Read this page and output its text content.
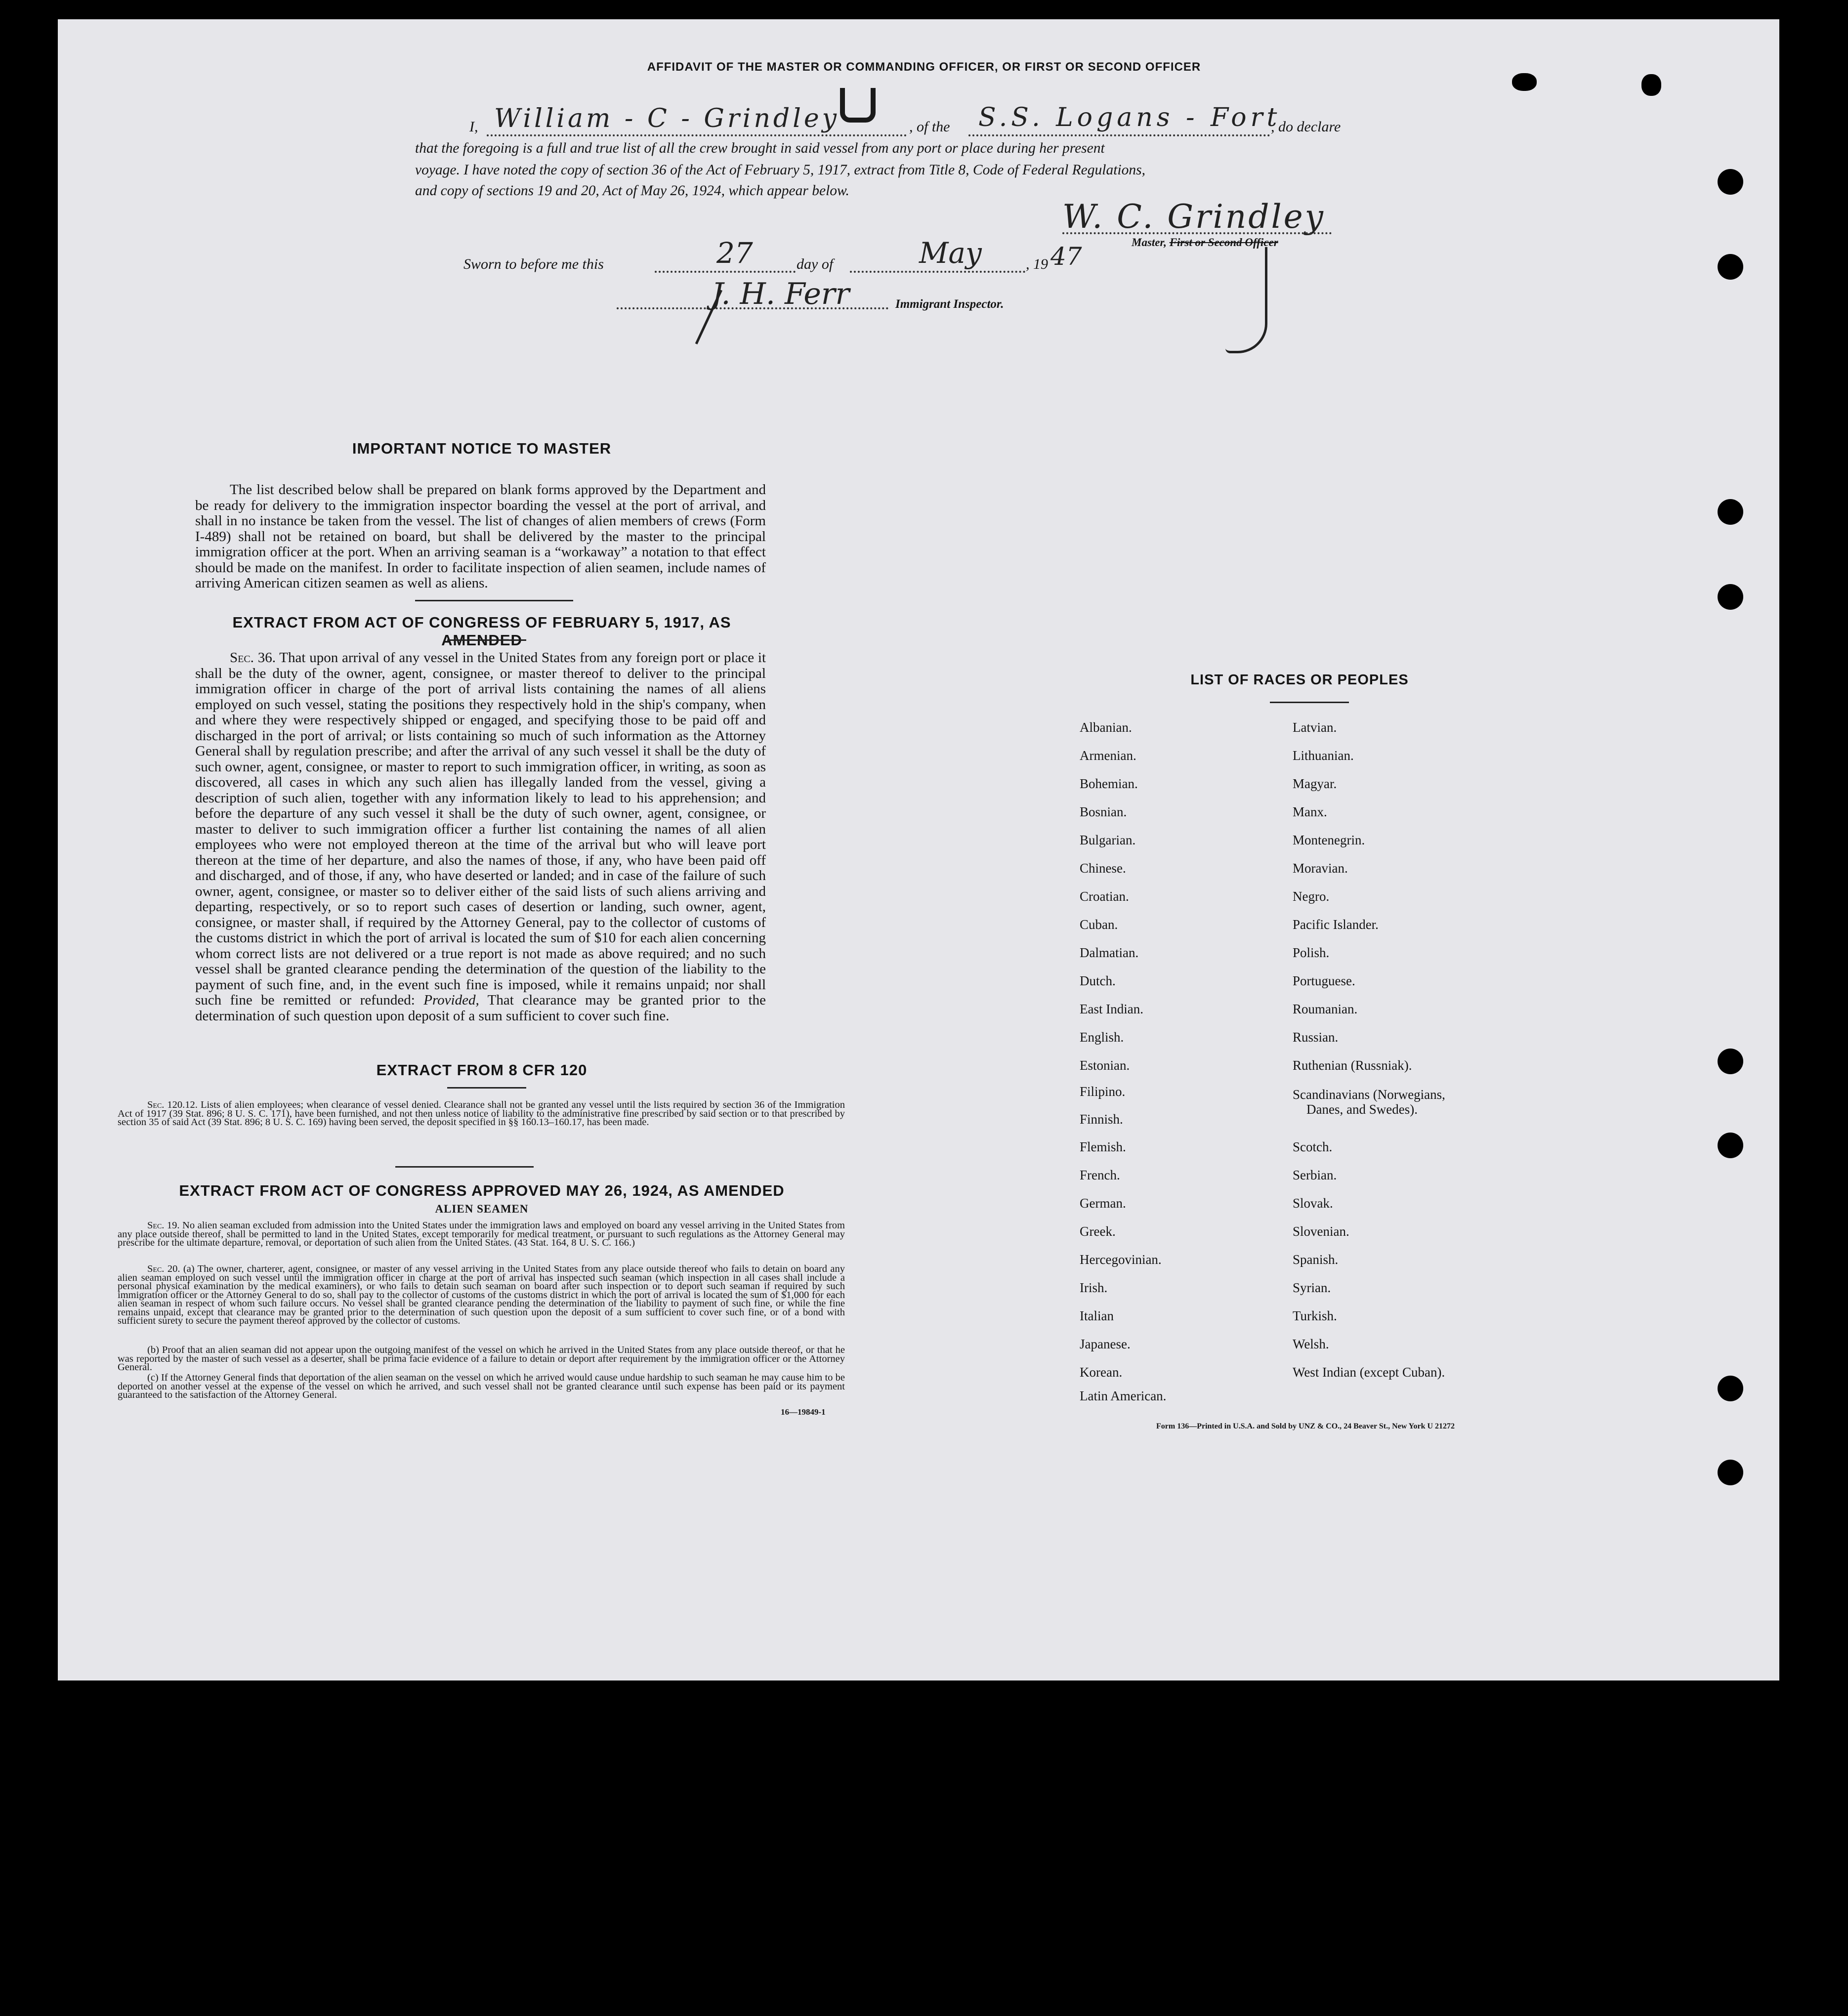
AFFIDAVIT OF THE MASTER OR COMMANDING OFFICER, OR FIRST OR SECOND OFFICER
I, William - C - Grindley	, of the S.S. Logans - Fort
, do declare
that the foregoing is a full and true list of all the crew brought in said vessel from any port or place during her present
voyage. I have noted the copy of section 36 of the Act of February 5, 1917, extract from Title 8, Code of Federal Regulations,
and copy of sections 19 and 20, Act of May 26, 1924, which appear below.
W. C. Grindley
Master, First or Second Officer
Sworn to before me this	27	day of	May	, 19 47
J. H. Ferr	Immigrant Inspector.
IMPORTANT NOTICE TO MASTER
The list described below shall be prepared on blank forms approved by the Department and be ready for delivery to the immigration inspector boarding the vessel at the port of arrival, and shall in no instance be taken from the vessel. The list of changes of alien members of crews (Form I-489) shall not be retained on board, but shall be delivered by the master to the principal immigration officer at the port. When an arriving seaman is a “workaway” a notation to that effect should be made on the manifest. In order to facilitate inspection of alien seamen, include names of arriving American citizen seamen as well as aliens.
EXTRACT FROM ACT OF CONGRESS OF FEBRUARY 5, 1917, AS AMENDED
Sec. 36. That upon arrival of any vessel in the United States from any foreign port or place it shall be the duty of the owner, agent, consignee, or master thereof to deliver to the principal immigration officer in charge of the port of arrival lists containing the names of all aliens employed on such vessel, stating the positions they respectively hold in the ship's company, when and where they were respectively shipped or engaged, and specifying those to be paid off and discharged in the port of arrival; or lists containing so much of such information as the Attorney General shall by regulation prescribe; and after the arrival of any such vessel it shall be the duty of such owner, agent, consignee, or master to report to such immigration officer, in writing, as soon as discovered, all cases in which any such alien has illegally landed from the vessel, giving a description of such alien, together with any information likely to lead to his apprehension; and before the departure of any such vessel it shall be the duty of such owner, agent, consignee, or master to deliver to such immigration officer a further list containing the names of all alien employees who were not employed thereon at the time of the arrival but who will leave port thereon at the time of her departure, and also the names of those, if any, who have been paid off and discharged, and of those, if any, who have deserted or landed; and in case of the failure of such owner, agent, consignee, or master so to deliver either of the said lists of such aliens arriving and departing, respectively, or so to report such cases of desertion or landing, such owner, agent, consignee, or master shall, if required by the Attorney General, pay to the collector of customs of the customs district in which the port of arrival is located the sum of $10 for each alien concerning whom correct lists are not delivered or a true report is not made as above required; and no such vessel shall be granted clearance pending the determination of the question of the liability to the payment of such fine, and, in the event such fine is imposed, while it remains unpaid; nor shall such fine be remitted or refunded: Provided, That clearance may be granted prior to the determination of such question upon deposit of a sum sufficient to cover such fine.
EXTRACT FROM 8 CFR 120
Sec. 120.12. Lists of alien employees; when clearance of vessel denied. Clearance shall not be granted any vessel until the lists required by section 36 of the Immigration Act of 1917 (39 Stat. 896; 8 U. S. C. 171), have been furnished, and not then unless notice of liability to the administrative fine prescribed by said section or to that prescribed by section 35 of said Act (39 Stat. 896; 8 U. S. C. 169) having been served, the deposit specified in §§ 160.13–160.17, has been made.
EXTRACT FROM ACT OF CONGRESS APPROVED MAY 26, 1924, AS AMENDED
ALIEN SEAMEN
Sec. 19. No alien seaman excluded from admission into the United States under the immigration laws and employed on board any vessel arriving in the United States from any place outside thereof, shall be permitted to land in the United States, except temporarily for medical treatment, or pursuant to such regulations as the Attorney General may prescribe for the ultimate departure, removal, or deportation of such alien from the United States. (43 Stat. 164, 8 U. S. C. 166.)
Sec. 20. (a) The owner, charterer, agent, consignee, or master of any vessel arriving in the United States from any place outside thereof who fails to detain on board any alien seaman employed on such vessel until the immigration officer in charge at the port of arrival has inspected such seaman (which inspection in all cases shall include a personal physical examination by the medical examiners), or who fails to detain such seaman on board after such inspection or to deport such seaman if required by such immigration officer or the Attorney General to do so, shall pay to the collector of customs of the customs district in which the port of arrival is located the sum of $1,000 for each alien seaman in respect of whom such failure occurs. No vessel shall be granted clearance pending the determination of the liability to payment of such fine, or while the fine remains unpaid, except that clearance may be granted prior to the determination of such question upon the deposit of a sum sufficient to cover such fine, or of a bond with sufficient surety to secure the payment thereof approved by the collector of customs.
(b) Proof that an alien seaman did not appear upon the outgoing manifest of the vessel on which he arrived in the United States from any place outside thereof, or that he was reported by the master of such vessel as a deserter, shall be prima facie evidence of a failure to detain or deport after requirement by the immigration officer or the Attorney General.
(c) If the Attorney General finds that deportation of the alien seaman on the vessel on which he arrived would cause undue hardship to such seaman he may cause him to be deported on another vessel at the expense of the vessel on which he arrived, and such vessel shall not be granted clearance until such expense has been paid or its payment guaranteed to the satisfaction of the Attorney General.
16—19849-1
LIST OF RACES OR PEOPLES
Albanian.
Armenian.
Bohemian.
Bosnian.
Bulgarian.
Chinese.
Croatian.
Cuban.
Dalmatian.
Dutch.
East Indian.
English.
Estonian.
Filipino.
Finnish.
Flemish.
French.
German.
Greek.
Hercegovinian.
Irish.
Italian
Japanese.
Korean.
Latin American.
Latvian.
Lithuanian.
Magyar.
Manx.
Montenegrin.
Moravian.
Negro.
Pacific Islander.
Polish.
Portuguese.
Roumanian.
Russian.
Ruthenian (Russniak).
Scandinavians (Norwegians,
Danes, and Swedes).
Scotch.
Serbian.
Slovak.
Slovenian.
Spanish.
Syrian.
Turkish.
Welsh.
West Indian (except Cuban).
Form 136—Printed in U.S.A. and Sold by UNZ & CO., 24 Beaver St., New York U 21272
